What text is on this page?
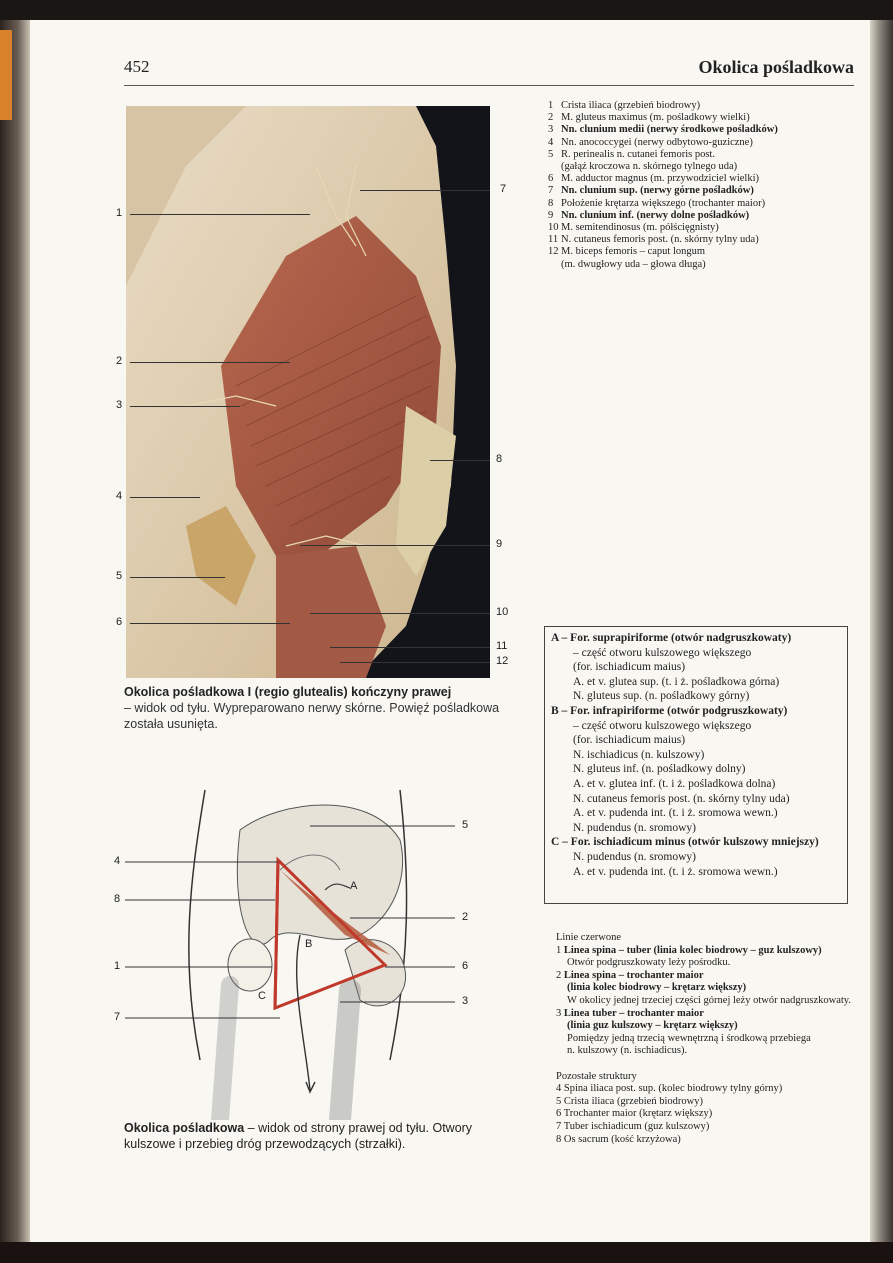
452	Okolica pośladkowa
1
2
3
4
5
6
7
8
9
10
11
12
Okolica pośladkowa I (regio glutealis) kończyny prawej
– widok od tyłu. Wypreparowano nerwy skórne. Powięź pośladkowa została usunięta.
1 Crista iliaca (grzebień biodrowy)
2 M. gluteus maximus (m. pośladkowy wielki)
3 Nn. clunium medii (nerwy środkowe pośladków)
4 Nn. anococcygei (nerwy odbytowo-guziczne)
5 R. perinealis n. cutanei femoris post.
(gałąź kroczowa n. skórnego tylnego uda)
6 M. adductor magnus (m. przywodziciel wielki)
7 Nn. clunium sup. (nerwy górne pośladków)
8 Położenie krętarza większego (trochanter maior)
9 Nn. clunium inf. (nerwy dolne pośladków)
10 M. semitendinosus (m. półścięgnisty)
11 N. cutaneus femoris post. (n. skórny tylny uda)
12 M. biceps femoris – caput longum
(m. dwugłowy uda – głowa długa)
A – For. suprapiriforme (otwór nadgruszkowaty)
– część otworu kulszowego większego
(for. ischiadicum maius)
A. et v. glutea sup. (t. i ż. pośladkowa górna)
N. gluteus sup. (n. pośladkowy górny)
B – For. infrapiriforme (otwór podgruszkowaty)
– część otworu kulszowego większego
(for. ischiadicum maius)
N. ischiadicus (n. kulszowy)
N. gluteus inf. (n. pośladkowy dolny)
A. et v. glutea inf. (t. i ż. pośladkowa dolna)
N. cutaneus femoris post. (n. skórny tylny uda)
A. et v. pudenda int. (t. i ż. sromowa wewn.)
N. pudendus (n. sromowy)
C – For. ischiadicum minus (otwór kulszowy mniejszy)
N. pudendus (n. sromowy)
A. et v. pudenda int. (t. i ż. sromowa wewn.)
4
8
1
7
5
2
6
3
A
B
C
Okolica pośladkowa – widok od strony prawej od tyłu. Otwory kulszowe i przebieg dróg przewodzących (strzałki).
Linie czerwone
1 Linea spina – tuber (linia kolec biodrowy – guz kulszowy)
Otwór podgruszkowaty leży pośrodku.
2 Linea spina – trochanter maior
(linia kolec biodrowy – krętarz większy)
W okolicy jednej trzeciej części górnej leży otwór nadgruszkowaty.
3 Linea tuber – trochanter maior
(linia guz kulszowy – krętarz większy)
Pomiędzy jedną trzecią wewnętrzną i środkową przebiega
n. kulszowy (n. ischiadicus).

Pozostałe struktury
4 Spina iliaca post. sup. (kolec biodrowy tylny górny)
5 Crista iliaca (grzebień biodrowy)
6 Trochanter maior (krętarz większy)
7 Tuber ischiadicum (guz kulszowy)
8 Os sacrum (kość krzyżowa)
